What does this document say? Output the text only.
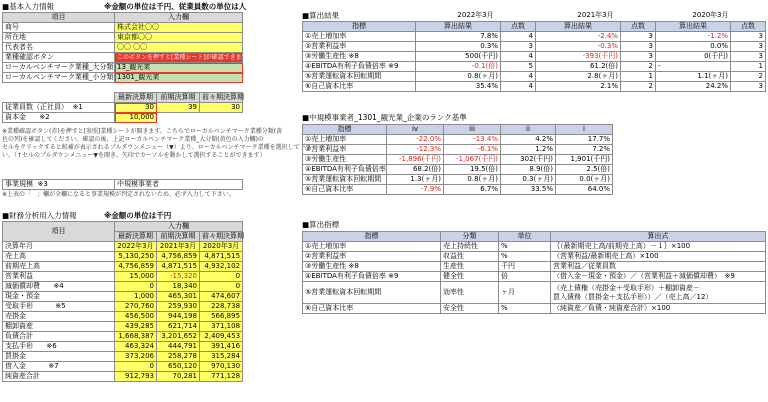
■基本入力情報	※金額の単位は千円、従業員数の単位は人
項目	入力欄
商号	株式会社〇〇
所在地	東京都〇〇
代表者名	〇〇 〇〇
業種確認ボタン	このボタンを押すと[業種シート]が確認できます
ローカルベンチマーク業種_大分類	13_観光業
ローカルベンチマーク業種_小分類	1301_観光業
	最新決算期	前期決算期	前々期決算期
従業員数（正社員） ※1	30	39	30
資本金 ※2	10,000		
※業種確認ボタン(赤)を押すと[参照]業種シートが開きます。こちらでローカルベンチマーク業種分類(黄
色の列)を確認してください。確認の後、上記ローカルベンチマーク業種_大分類(黄色の入力欄)の
セルをクリックすると候補が表示されるプルダウンメニュー（▼）より、ローカルベンチマーク業種を選択して下さ
い。（↑セルのプルダウンメニュー▼を開き、矢印でカーソルを動かして選択することができます）
事業規模 ※3	中規模事業者
※上表の「　」欄が全欄になると事業規模が判定されないため、必ず入力して下さい。
■財務分析用入力情報	※金額の単位は千円
項目	入力欄		
	最新決算期	前期決算期	前々期決算期
決算年月	2022年3月	2021年3月	2020年3月
売上高	5,130,250	4,756,859	4,871,515
前期売上高	4,756,859	4,871,515	4,932,102
営業利益	15,000	-15,320	0
減価償却費 ※4	0	18,340	0
現金・預金	1,000	465,301	474,607
受取手形 ※5	270,760	259,930	228,738
売掛金	456,500	944,198	566,895
棚卸資産	439,285	621,714	371,108
負債合計	1,668,387	3,201,652	2,409,453
支払手形 ※6	463,324	444,791	391,416
買掛金	373,206	258,278	315,284
借入金 ※7	0	650,120	970,130
純資産合計	912,793	70,281	771,128
■算出結果
		2022年3月		2021年3月		2020年3月	
指標	算出結果	点数	算出結果	点数	算出結果	点数
①売上増加率	7.8%	4	-2.4%	3	-1.2%	3
②営業利益率	0.3%	3	-0.3%	3	0.0%	3
③労働生産性 ※8	500(千円)	4	-393(千円)	3	0(千円)	3
④EBITDA有利子負債倍率 ※9	-0.1(倍)	5	61.2(倍)	2	-	1
⑤営業運転資本回転期間	0.8(ヶ月)	4	2.8(ヶ月)	1	1.1(ヶ月)	2
⑥自己資本比率	35.4%	4	2.1%	2	24.2%	3
■中規模事業者_1301_観光業_企業のランク基準
指標	iv	iii	ii	i
①売上増加率	-22.0%	-13.4%	4.2%	17.7%
②営業利益率	-12.3%	-6.1%	1.2%	7.2%
③労働生産性	-1,896(千円)	-1,067(千円)	302(千円)	1,901(千円)
④EBITDA有利子負債倍率	68.2(倍)	19.5(倍)	8.9(倍)	2.5(倍)
⑤営業運転資本回転期間	1.3(ヶ月)	0.8(ヶ月)	0.3(ヶ月)	0.0(ヶ月)
⑥自己資本比率	-7.9%	6.7%	33.5%	64.0%
■算出指標
指標	分類	単位	算出式
①売上増加率	売上持続性	%	｛（最新期売上高/前期売上高）－１｝×100
②営業利益率	収益性	%	（営業利益/最新期売上高）×100
③労働生産性 ※8	生産性	千円	営業利益／従業員数
④EBITDA有利子負債倍率 ※9	健全性	倍	（借入金－現金・預金）／（営業利益＋減価償却費）　※9
⑤営業運転資本回転期間	効率性	ヶ月	（売上債権（売掛金＋受取手形）＋棚卸資産－
買入債務（買掛金＋支払手形））／（売上高／12）

⑥自己資本比率	安全性	%	（純資産／負債・純資産合計）×100
